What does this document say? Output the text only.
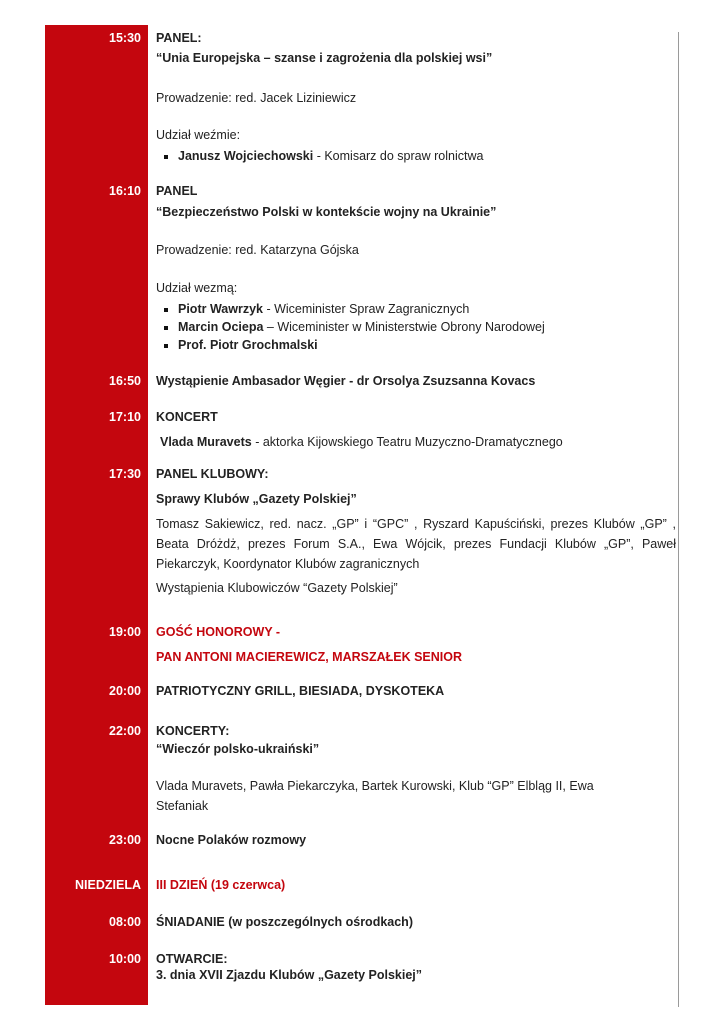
15:30 PANEL:
“Unia Europejska – szanse i zagrożenia dla polskiej wsi”
Prowadzenie: red. Jacek Liziniewicz
Udział weźmie:
Janusz Wojciechowski - Komisarz do spraw rolnictwa
16:10 PANEL
“Bezpieczeństwo Polski w kontekście wojny na Ukrainie”
Prowadzenie: red. Katarzyna Gójska
Udział wezmą:
Piotr Wawrzyk - Wiceminister Spraw Zagranicznych
Marcin Ociepa – Wiceminister w Ministerstwie Obrony Narodowej
Prof. Piotr Grochmalski
16:50 Wystąpienie Ambasador Węgier - dr Orsolya Zsuzsanna Kovacs
17:10 KONCERT
Vlada Muravets - aktorka Kijowskiego Teatru Muzyczno-Dramatycznego
17:30 PANEL KLUBOWY:
Sprawy Klubów „Gazety Polskiej”
Tomasz Sakiewicz, red. nacz. „GP” i “GPC” , Ryszard Kapuściński, prezes Klubów „GP” , Beata Dróżdż, prezes Forum S.A., Ewa Wójcik, prezes Fundacji Klubów „GP”, Paweł Piekarczyk, Koordynator Klubów zagranicznych
Wystąpienia Klubowiczów “Gazety Polskiej”
19:00 GOŚĆ HONOROWY -
PAN ANTONI MACIEREWICZ, MARSZAŁEK SENIOR
20:00 PATRIOTYCZNY GRILL, BIESIADA, DYSKOTEKA
22:00 KONCERTY:
“Wieczór polsko-ukraiński”
Vlada Muravets, Pawła Piekarczyka, Bartek Kurowski, Klub “GP” Elbląg II, Ewa Stefaniak
23:00 Nocne Polaków rozmowy
NIEDZIELA III DZIEŃ (19 czerwca)
08:00 ŚNIADANIE (w poszczególnych ośrodkach)
10:00 OTWARCIE:
3. dnia XVII Zjazdu Klubów „Gazety Polskiej”
